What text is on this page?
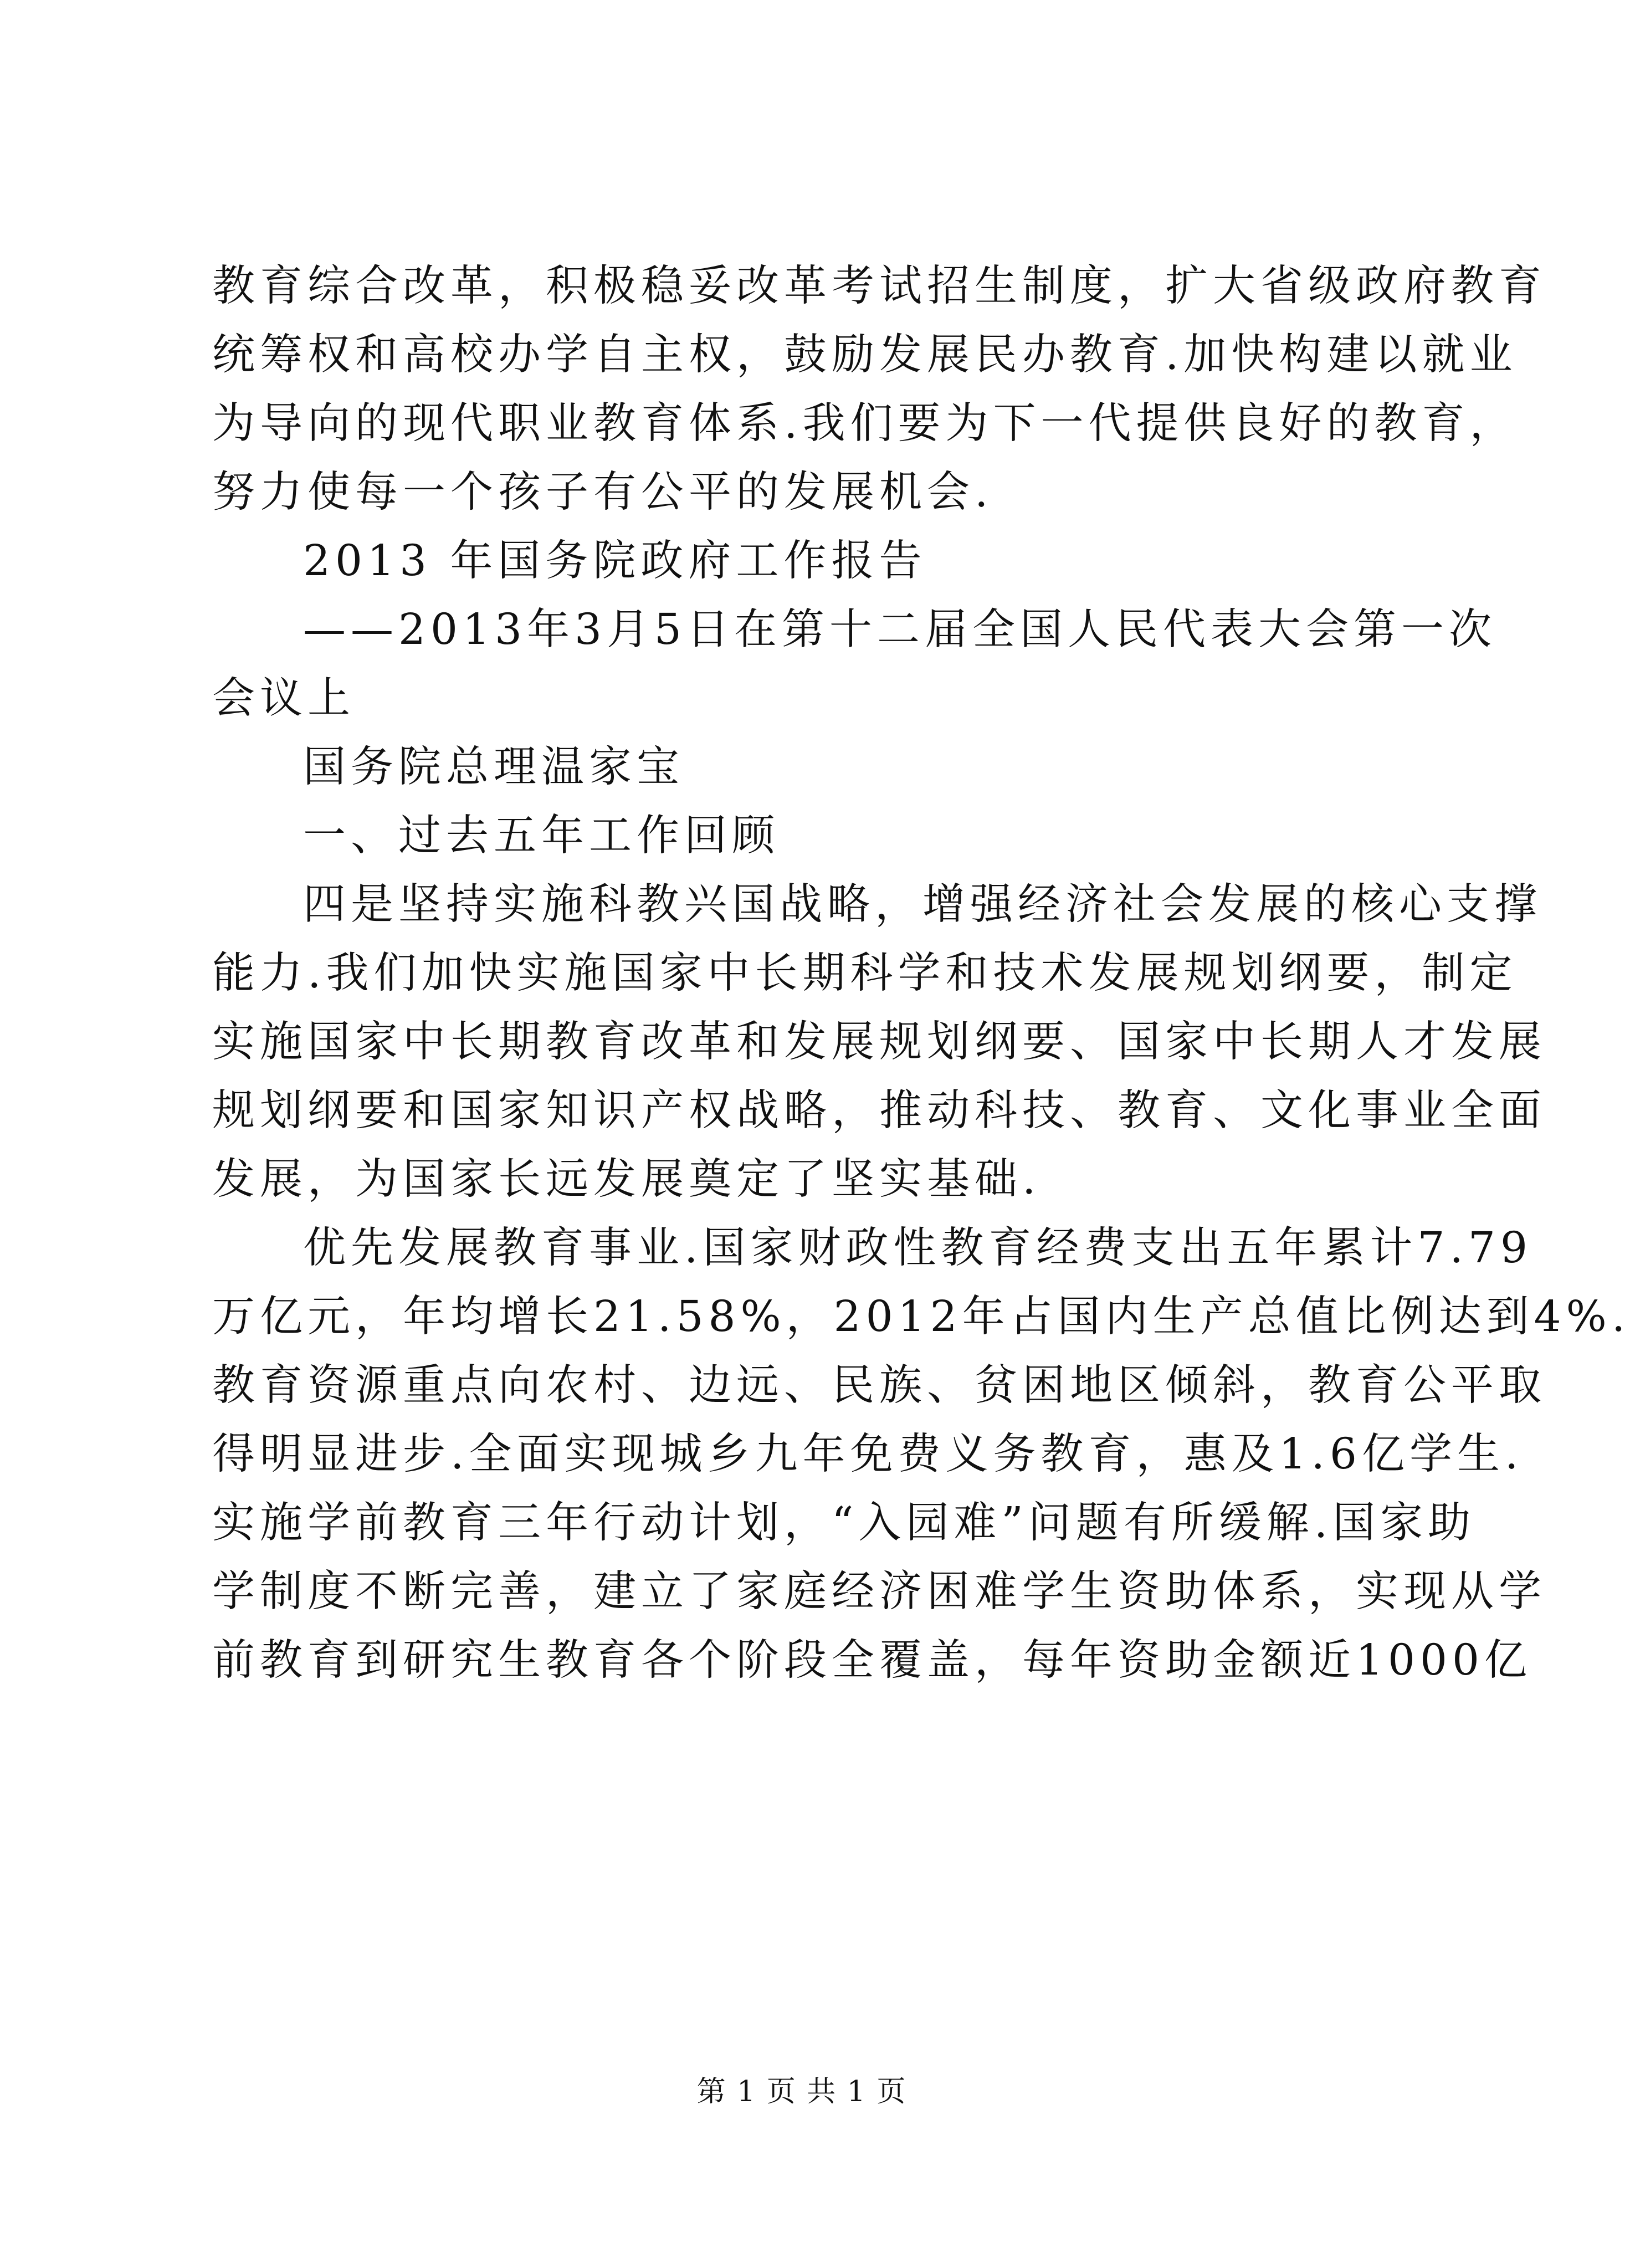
教 育 综 合 改 革 ， 积 极 稳 妥 改 革 考 试 招 生 制 度 ， 扩 大 省 级 政 府 教 育
统 筹 权 和 高 校 办 学 自 主 权 ， 鼓 励 发 展 民 办 教 育 . 加 快 构 建 以 就 业
为 导 向 的 现 代 职 业 教 育 体 系 . 我 们 要 为 下 一 代 提 供 良 好 的 教 育 ，
努力使每一个孩子有公平的发展机会.
2013 年国务院政府工作报告
— — 2 0 1 3 年 3 月 5 日 在 第 十 二 届 全 国 人 民 代 表 大 会 第 一 次
会议上
国务院总理温家宝
一、过去五年工作回顾
四 是 坚 持 实 施 科 教 兴 国 战 略 ， 增 强 经 济 社 会 发 展 的 核 心 支 撑
能 力 . 我 们 加 快 实 施 国 家 中 长 期 科 学 和 技 术 发 展 规 划 纲 要 ， 制 定
实 施 国 家 中 长 期 教 育 改 革 和 发 展 规 划 纲 要 、 国 家 中 长 期 人 才 发 展
规 划 纲 要 和 国 家 知 识 产 权 战 略 ， 推 动 科 技 、 教 育 、 文 化 事 业 全 面
发展，为国家长远发展奠定了坚实基础.
优 先 发 展 教 育 事 业 . 国 家 财 政 性 教 育 经 费 支 出 五 年 累 计 7 . 7 9
万 亿 元 ， 年 均 增 长 2 1 . 5 8 % ， 2 0 1 2 年 占 国 内 生 产 总 值 比 例 达 到 4 % .
教 育 资 源 重 点 向 农 村 、 边 远 、 民 族 、 贫 困 地 区 倾 斜 ， 教 育 公 平 取
得 明 显 进 步 . 全 面 实 现 城 乡 九 年 免 费 义 务 教 育 ， 惠 及 1 . 6 亿 学 生 .
实 施 学 前 教 育 三 年 行 动 计 划 ， “ 入 园 难 ” 问 题 有 所 缓 解 . 国 家 助
学 制 度 不 断 完 善 ， 建 立 了 家 庭 经 济 困 难 学 生 资 助 体 系 ， 实 现 从 学
前 教 育 到 研 究 生 教 育 各 个 阶 段 全 覆 盖 ， 每 年 资 助 金 额 近 1 0 0 0 亿
第 1 页 共 1 页
